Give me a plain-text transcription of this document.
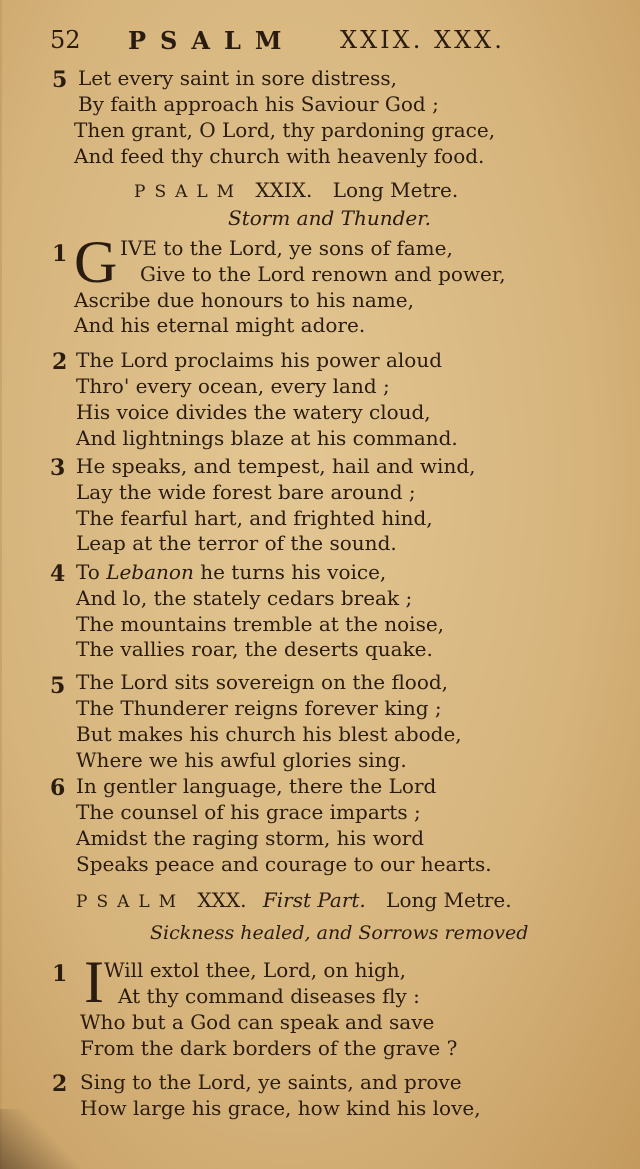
52 PSALM XXIX. XXX.
5 Let every saint in sore distress,
By faith approach his Saviour God ;
Then grant, O Lord, thy pardoning grace,
And feed thy church with heavenly food.
PSALM XXIX. Long Metre.
Storm and Thunder.
1 G IVE to the Lord, ye sons of fame,
Give to the Lord renown and power,
Ascribe due honours to his name,
And his eternal might adore.
2 The Lord proclaims his power aloud
Thro' every ocean, every land ;
His voice divides the watery cloud,
And lightnings blaze at his command.
3 He speaks, and tempest, hail and wind,
Lay the wide forest bare around ;
The fearful hart, and frighted hind,
Leap at the terror of the sound.
4 To Lebanon he turns his voice,
And lo, the stately cedars break ;
The mountains tremble at the noise,
The vallies roar, the deserts quake.
5 The Lord sits sovereign on the flood,
The Thunderer reigns forever king ;
But makes his church his blest abode,
Where we his awful glories sing.
6 In gentler language, there the Lord
The counsel of his grace imparts ;
Amidst the raging storm, his word
Speaks peace and courage to our hearts.
PSALM XXX. First Part. Long Metre.
Sickness healed, and Sorrows removed
1 I Will extol thee, Lord, on high,
At thy command diseases fly :
Who but a God can speak and save
From the dark borders of the grave ?
2 Sing to the Lord, ye saints, and prove
How large his grace, how kind his love,
